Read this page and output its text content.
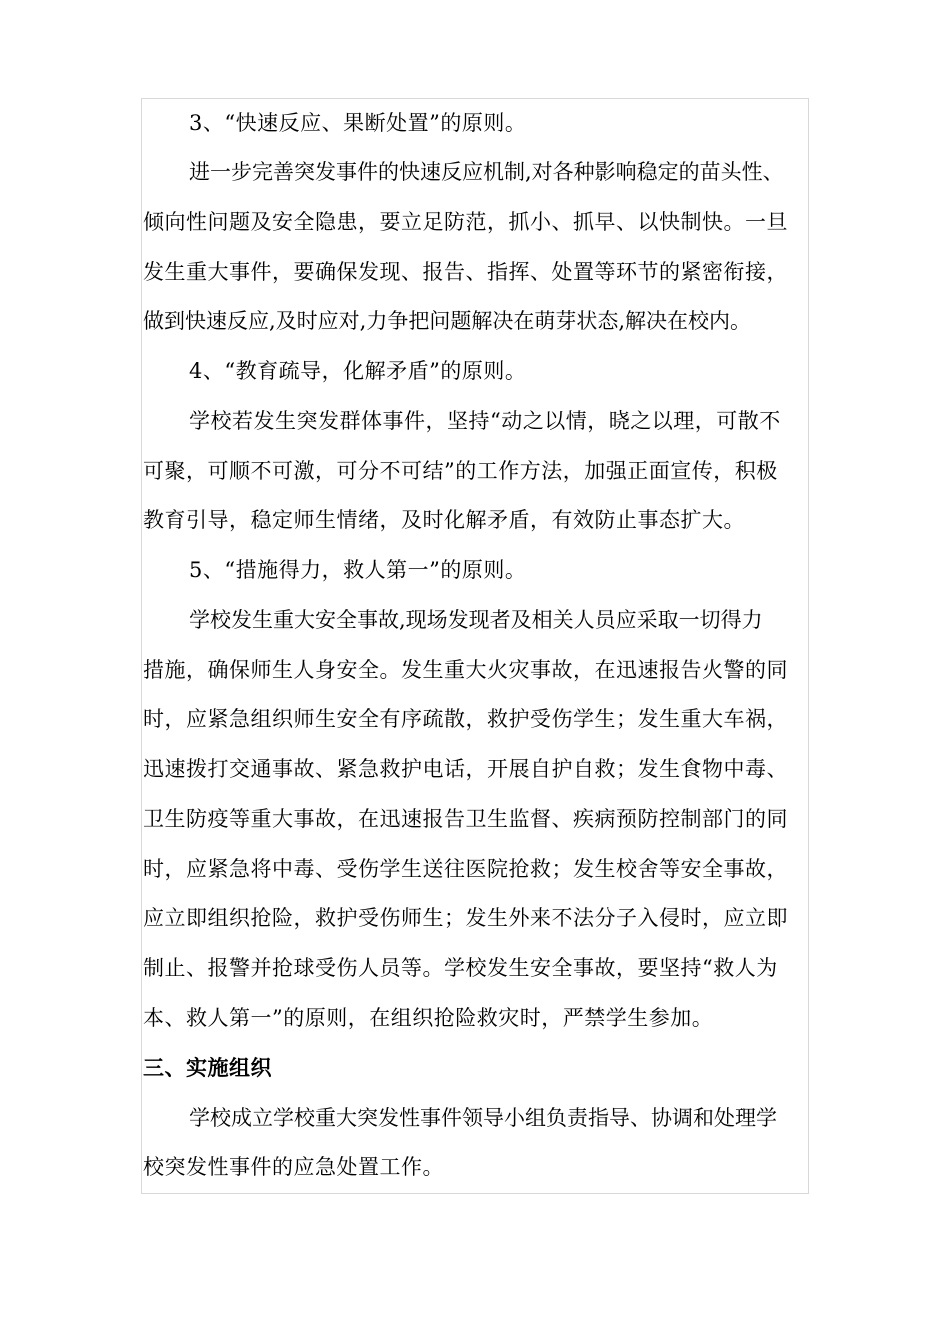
3、“快速反应、果断处置”的原则。
进一步完善突发事件的快速反应机制,对各种影响稳定的苗头性、
倾向性问题及安全隐患，要立足防范，抓小、抓早、以快制快。一旦
发生重大事件，要确保发现、报告、指挥、处置等环节的紧密衔接，
做到快速反应,及时应对,力争把问题解决在萌芽状态,解决在校内。
4、“教育疏导，化解矛盾”的原则。
学校若发生突发群体事件，坚持“动之以情，晓之以理，可散不
可聚，可顺不可激，可分不可结”的工作方法，加强正面宣传，积极
教育引导，稳定师生情绪，及时化解矛盾，有效防止事态扩大。
5、“措施得力，救人第一”的原则。
学校发生重大安全事故,现场发现者及相关人员应采取一切得力
措施，确保师生人身安全。发生重大火灾事故，在迅速报告火警的同
时，应紧急组织师生安全有序疏散，救护受伤学生；发生重大车祸，
迅速拨打交通事故、紧急救护电话，开展自护自救；发生食物中毒、
卫生防疫等重大事故，在迅速报告卫生监督、疾病预防控制部门的同
时，应紧急将中毒、受伤学生送往医院抢救；发生校舍等安全事故，
应立即组织抢险，救护受伤师生；发生外来不法分子入侵时，应立即
制止、报警并抢球受伤人员等。学校发生安全事故，要坚持“救人为
本、救人第一”的原则，在组织抢险救灾时，严禁学生参加。
三、实施组织
学校成立学校重大突发性事件领导小组负责指导、协调和处理学
校突发性事件的应急处置工作。
